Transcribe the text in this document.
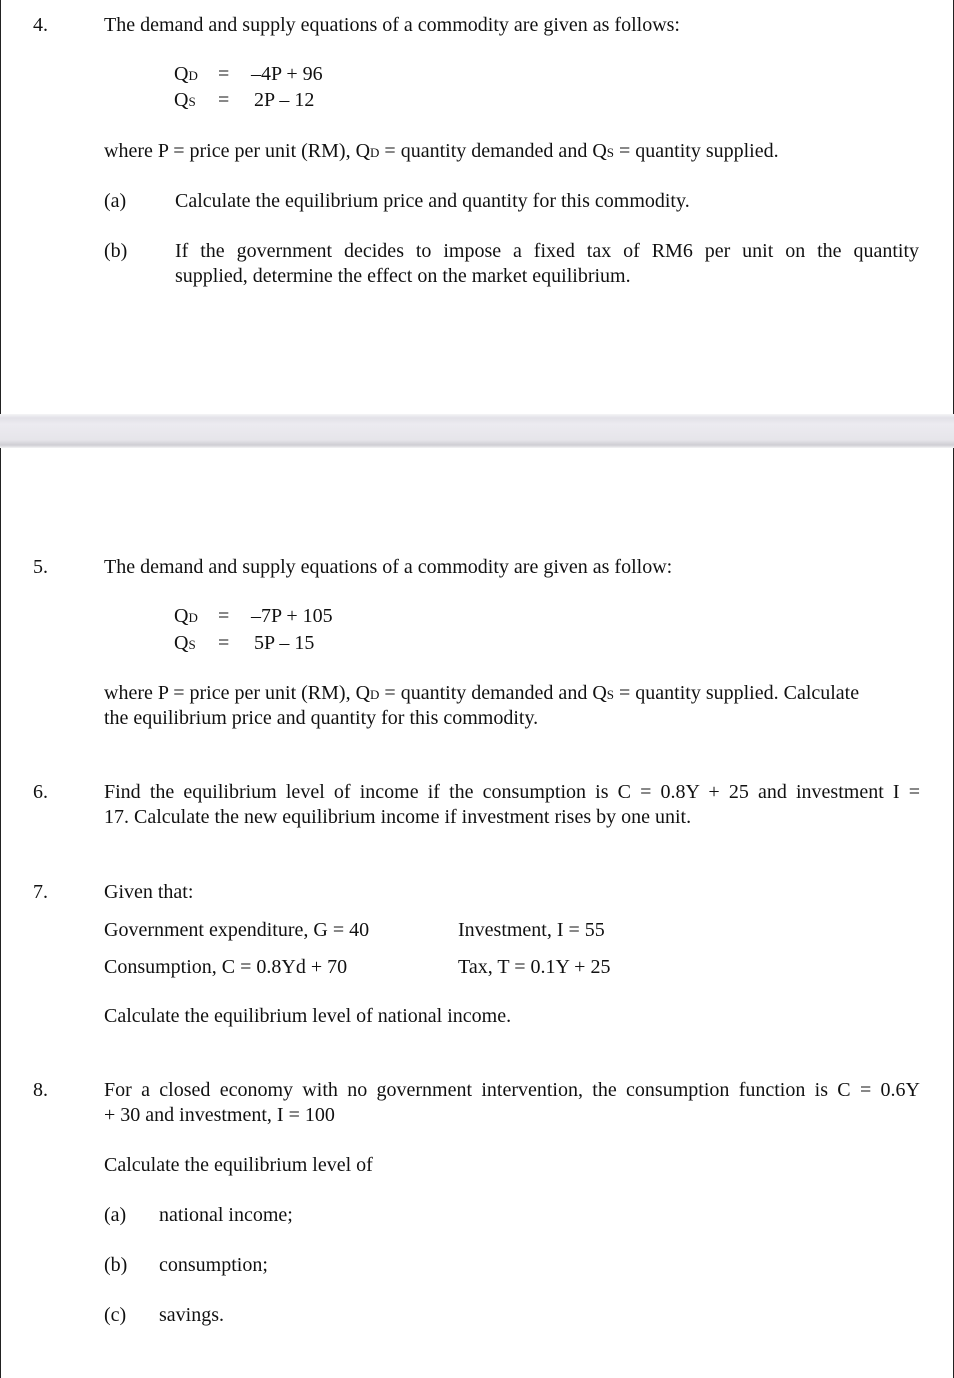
4.	The demand and supply equations of a commodity are given as follows:
QD = –4P + 96
QS = 2P – 12
where P = price per unit (RM), QD = quantity demanded and QS = quantity supplied.
(a) Calculate the equilibrium price and quantity for this commodity.
(b) If the government decides to impose a fixed tax of RM6 per unit on the quantity
supplied, determine the effect on the market equilibrium.
5.	The demand and supply equations of a commodity are given as follow:
QD = –7P + 105
QS = 5P – 15
where P = price per unit (RM), QD = quantity demanded and QS = quantity supplied. Calculate
the equilibrium price and quantity for this commodity.
6.	Find the equilibrium level of income if the consumption is C = 0.8Y + 25 and investment I =
17. Calculate the new equilibrium income if investment rises by one unit.
7.	Given that:
Government expenditure, G = 40	Investment, I = 55
Consumption, C = 0.8Yd + 70	Tax, T = 0.1Y + 25
Calculate the equilibrium level of national income.
8.	For a closed economy with no government intervention, the consumption function is C = 0.6Y
+ 30 and investment, I = 100
Calculate the equilibrium level of
(a) national income;
(b) consumption;
(c) savings.
